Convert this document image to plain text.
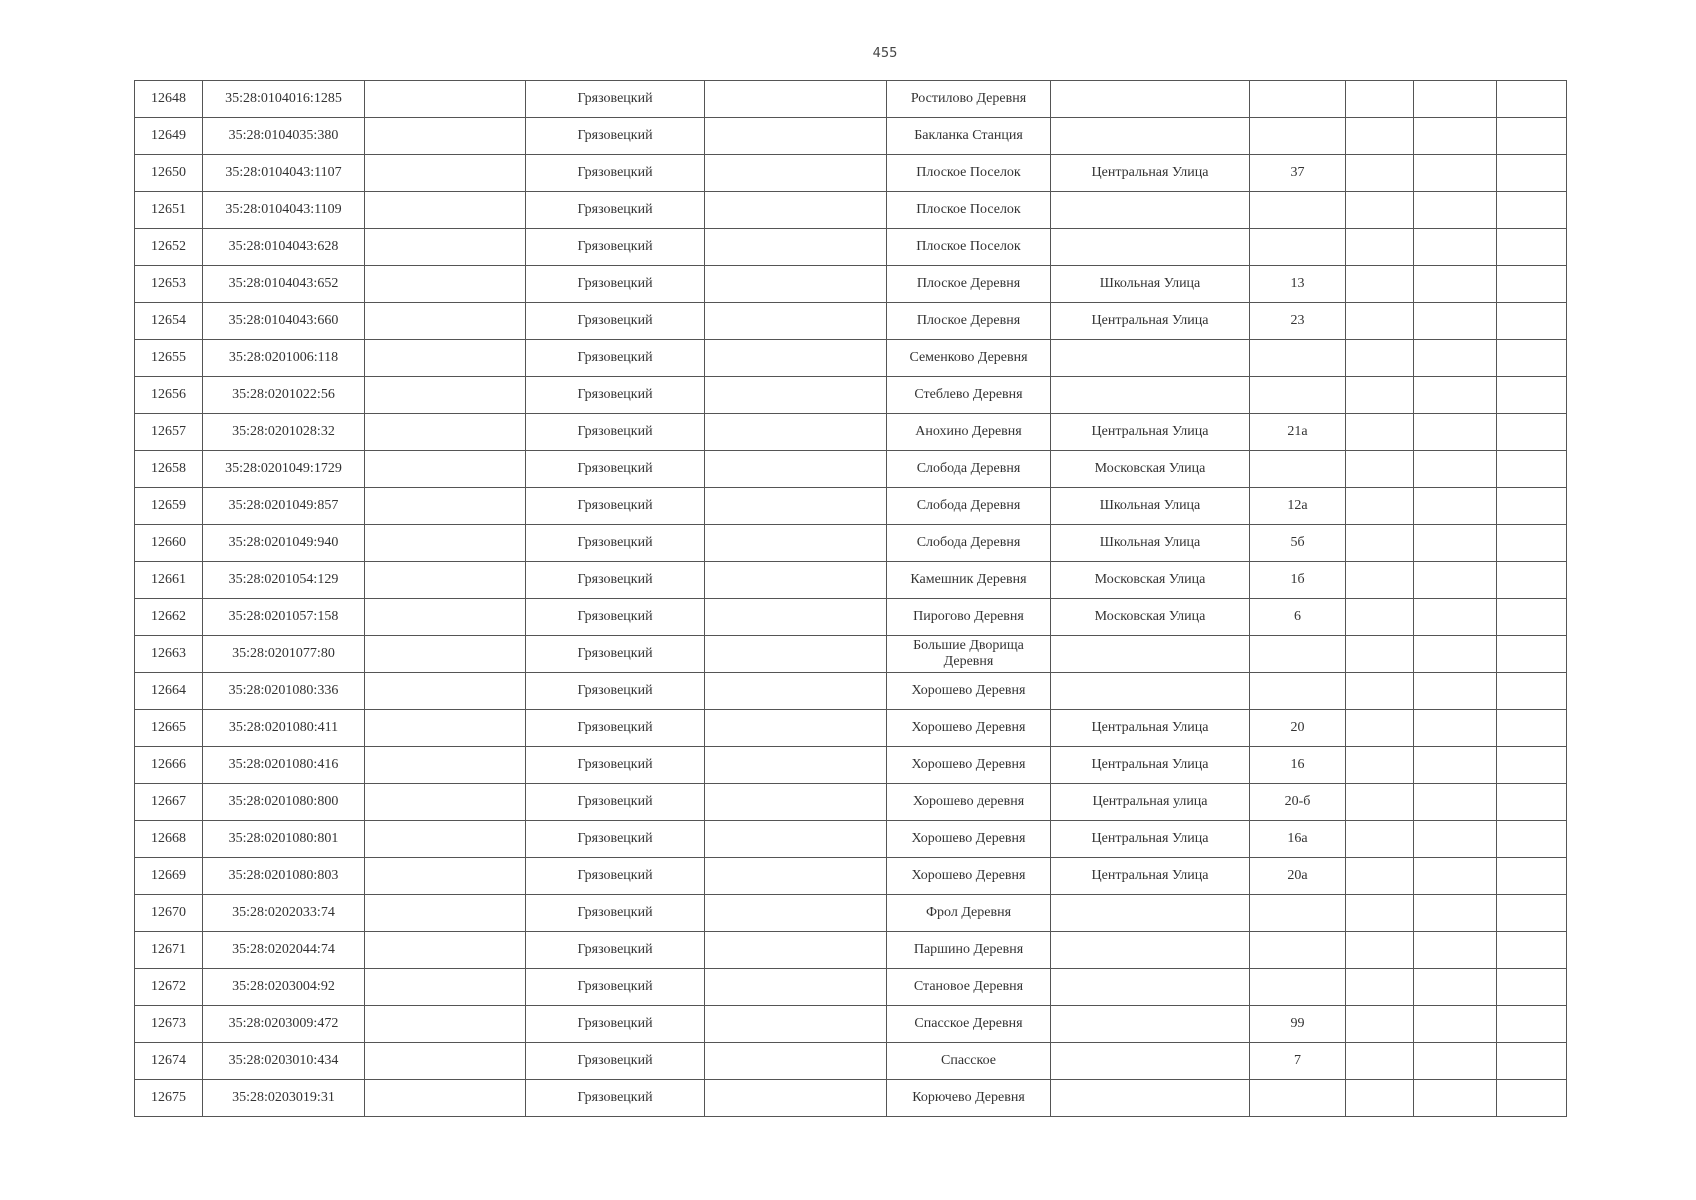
455
12648	35:28:0104016:1285		Грязовецкий		Ростилово Деревня					
12649	35:28:0104035:380		Грязовецкий		Бакланка Станция					
12650	35:28:0104043:1107		Грязовецкий		Плоское Поселок	Центральная Улица	37			
12651	35:28:0104043:1109		Грязовецкий		Плоское Поселок					
12652	35:28:0104043:628		Грязовецкий		Плоское Поселок					
12653	35:28:0104043:652		Грязовецкий		Плоское Деревня	Школьная Улица	13			
12654	35:28:0104043:660		Грязовецкий		Плоское Деревня	Центральная Улица	23			
12655	35:28:0201006:118		Грязовецкий		Семенково Деревня					
12656	35:28:0201022:56		Грязовецкий		Стеблево Деревня					
12657	35:28:0201028:32		Грязовецкий		Анохино Деревня	Центральная Улица	21а			
12658	35:28:0201049:1729		Грязовецкий		Слобода Деревня	Московская Улица				
12659	35:28:0201049:857		Грязовецкий		Слобода Деревня	Школьная Улица	12а			
12660	35:28:0201049:940		Грязовецкий		Слобода Деревня	Школьная Улица	5б			
12661	35:28:0201054:129		Грязовецкий		Камешник Деревня	Московская Улица	1б			
12662	35:28:0201057:158		Грязовецкий		Пирогово Деревня	Московская Улица	6			
12663	35:28:0201077:80		Грязовецкий		Большие Дворища Деревня					
12664	35:28:0201080:336		Грязовецкий		Хорошево Деревня					
12665	35:28:0201080:411		Грязовецкий		Хорошево Деревня	Центральная Улица	20			
12666	35:28:0201080:416		Грязовецкий		Хорошево Деревня	Центральная Улица	16			
12667	35:28:0201080:800		Грязовецкий		Хорошево деревня	Центральная улица	20-б			
12668	35:28:0201080:801		Грязовецкий		Хорошево Деревня	Центральная Улица	16а			
12669	35:28:0201080:803		Грязовецкий		Хорошево Деревня	Центральная Улица	20а			
12670	35:28:0202033:74		Грязовецкий		Фрол Деревня					
12671	35:28:0202044:74		Грязовецкий		Паршино Деревня					
12672	35:28:0203004:92		Грязовецкий		Становое Деревня					
12673	35:28:0203009:472		Грязовецкий		Спасское Деревня		99			
12674	35:28:0203010:434		Грязовецкий		Спасское		7			
12675	35:28:0203019:31		Грязовецкий		Корючево Деревня					
